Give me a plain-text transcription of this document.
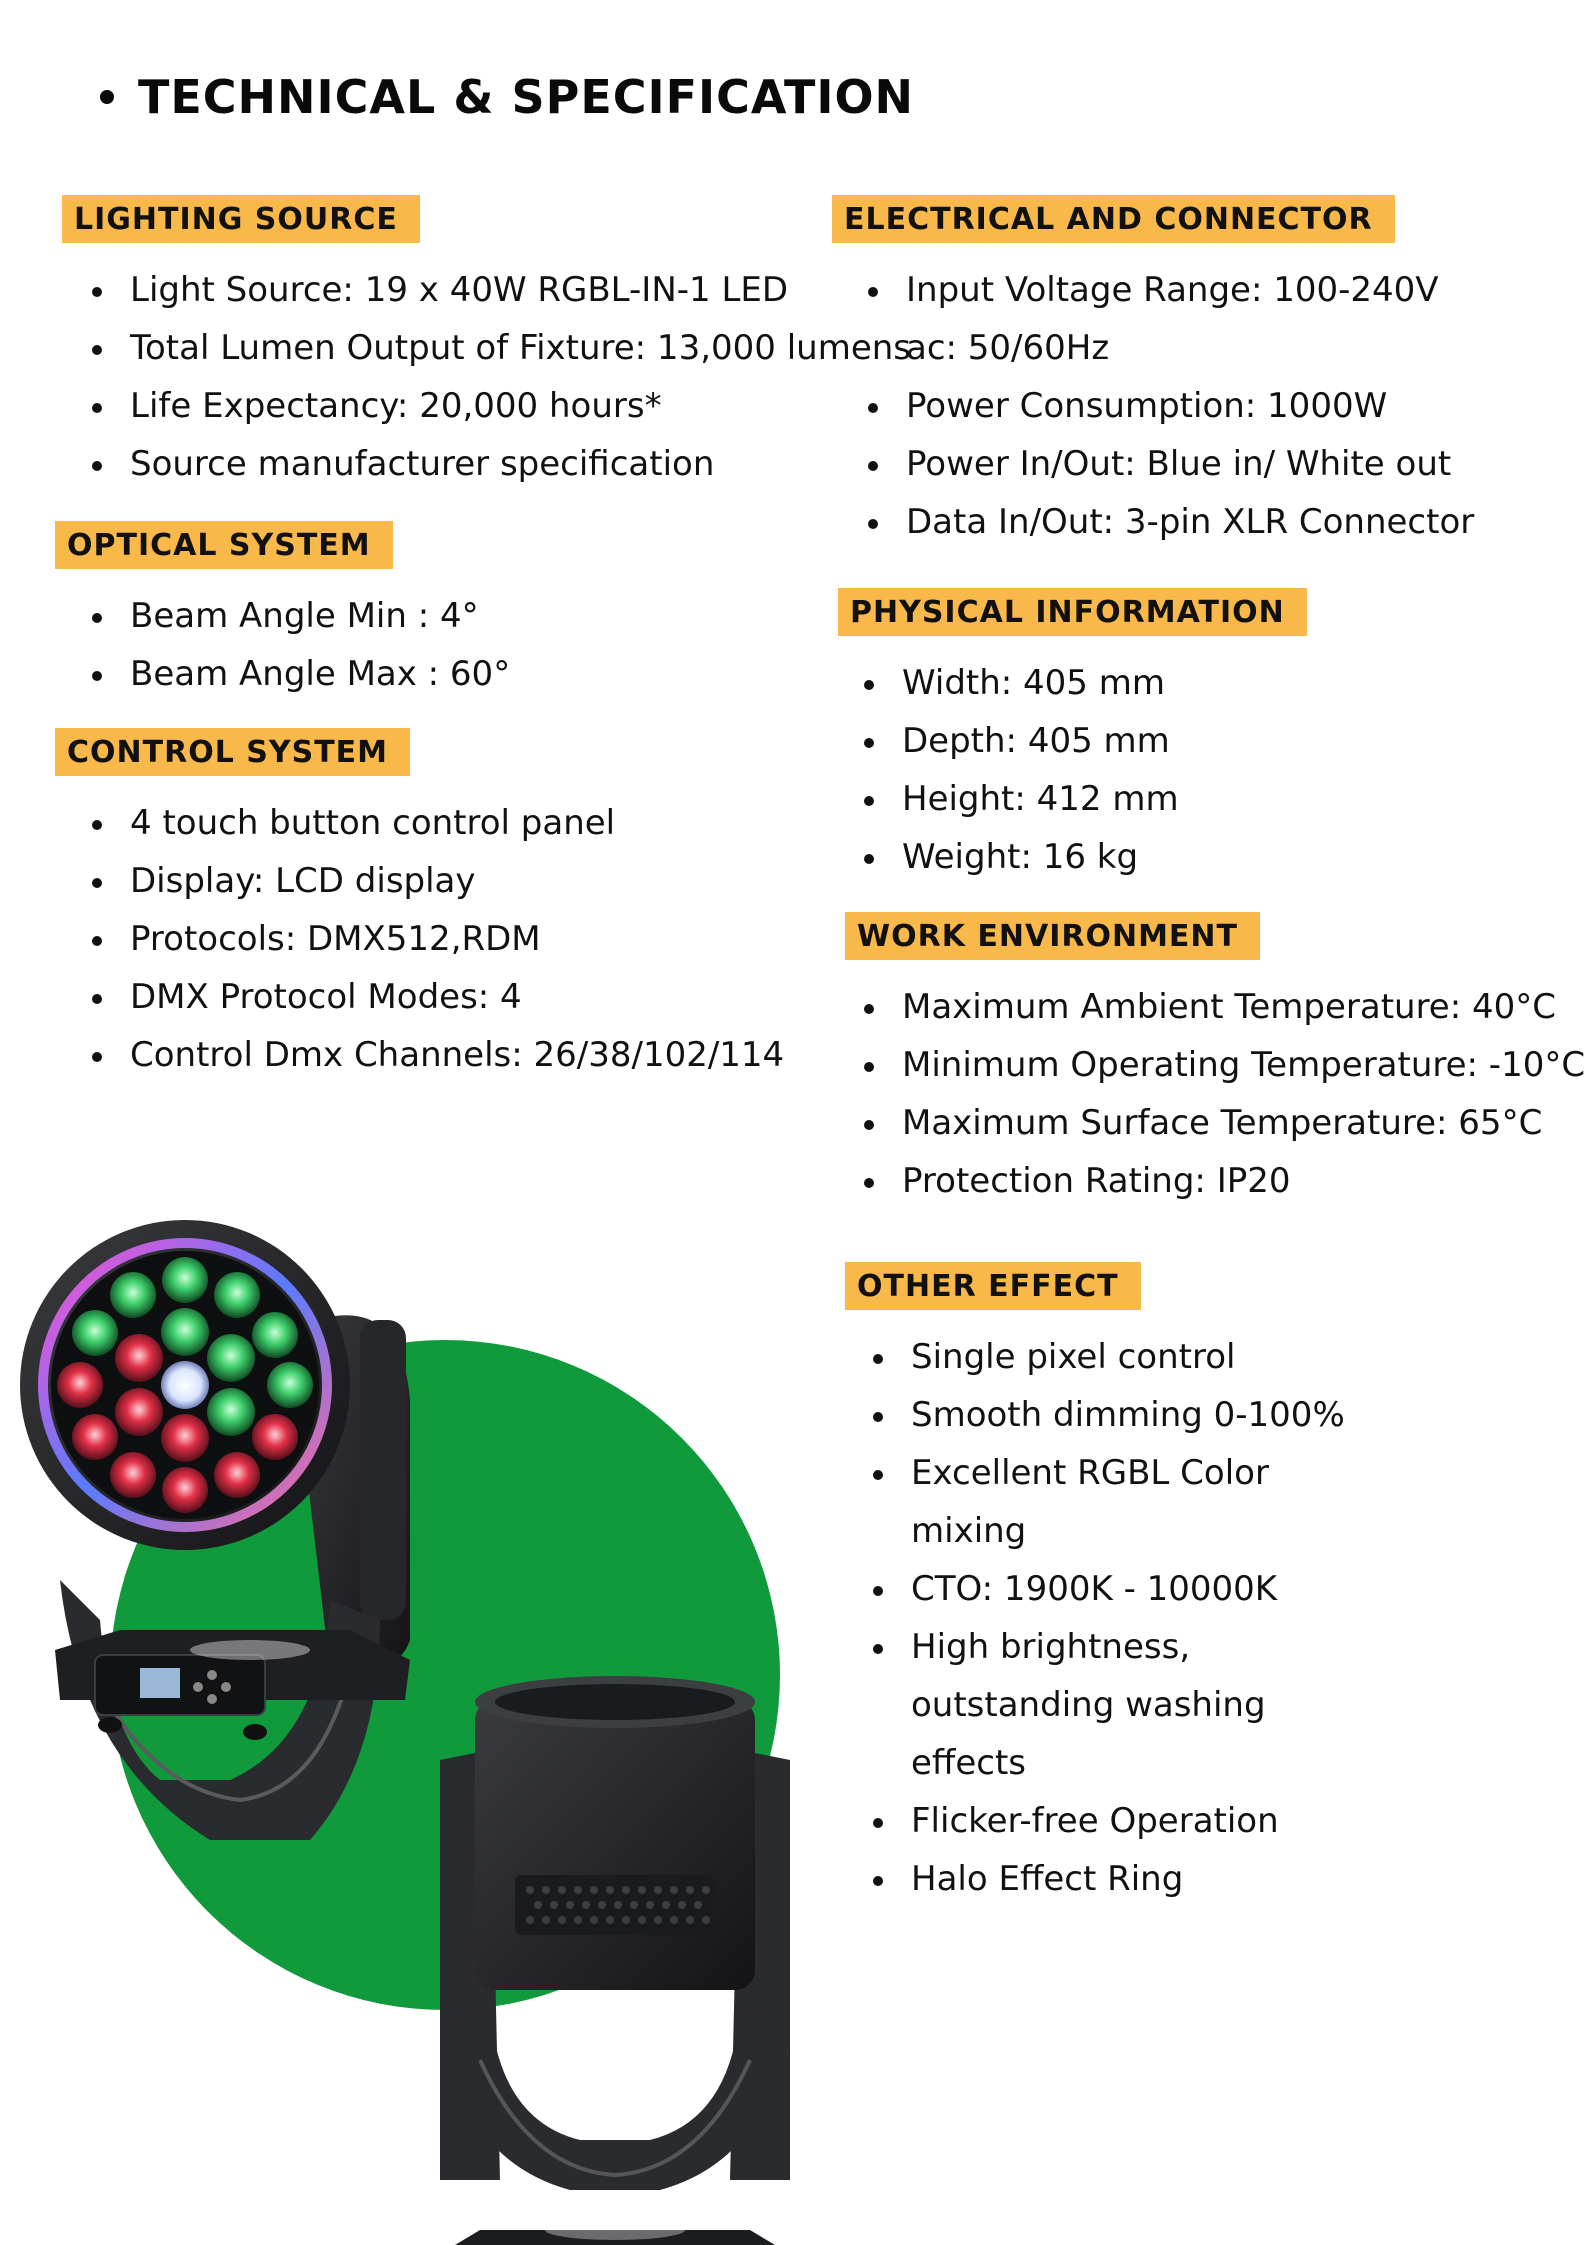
TECHNICAL & SPECIFICATION
LIGHTING SOURCE
Light Source: 19 x 40W RGBL-IN-1 LED
Total Lumen Output of Fixture: 13,000 lumens
Life Expectancy: 20,000 hours*
Source manufacturer specification
OPTICAL SYSTEM
Beam Angle Min : 4°
Beam Angle Max : 60°
CONTROL SYSTEM
4 touch button control panel
Display: LCD display
Protocols: DMX512,RDM
DMX Protocol Modes: 4
Control Dmx Channels: 26/38/102/114
ELECTRICAL AND CONNECTOR
Input Voltage Range: 100-240V ac: 50/60Hz
Power Consumption: 1000W
Power In/Out: Blue in/ White out
Data In/Out: 3-pin XLR Connector
PHYSICAL INFORMATION
Width: 405 mm
Depth: 405 mm
Height: 412 mm
Weight: 16 kg
WORK ENVIRONMENT
Maximum Ambient Temperature: 40°C
Minimum Operating Temperature: -10°C
Maximum Surface Temperature: 65°C
Protection Rating: IP20
OTHER EFFECT
Single pixel control
Smooth dimming 0-100%
Excellent RGBL Color mixing
CTO: 1900K - 10000K
High brightness, outstanding washing effects
Flicker-free Operation
Halo Effect Ring
